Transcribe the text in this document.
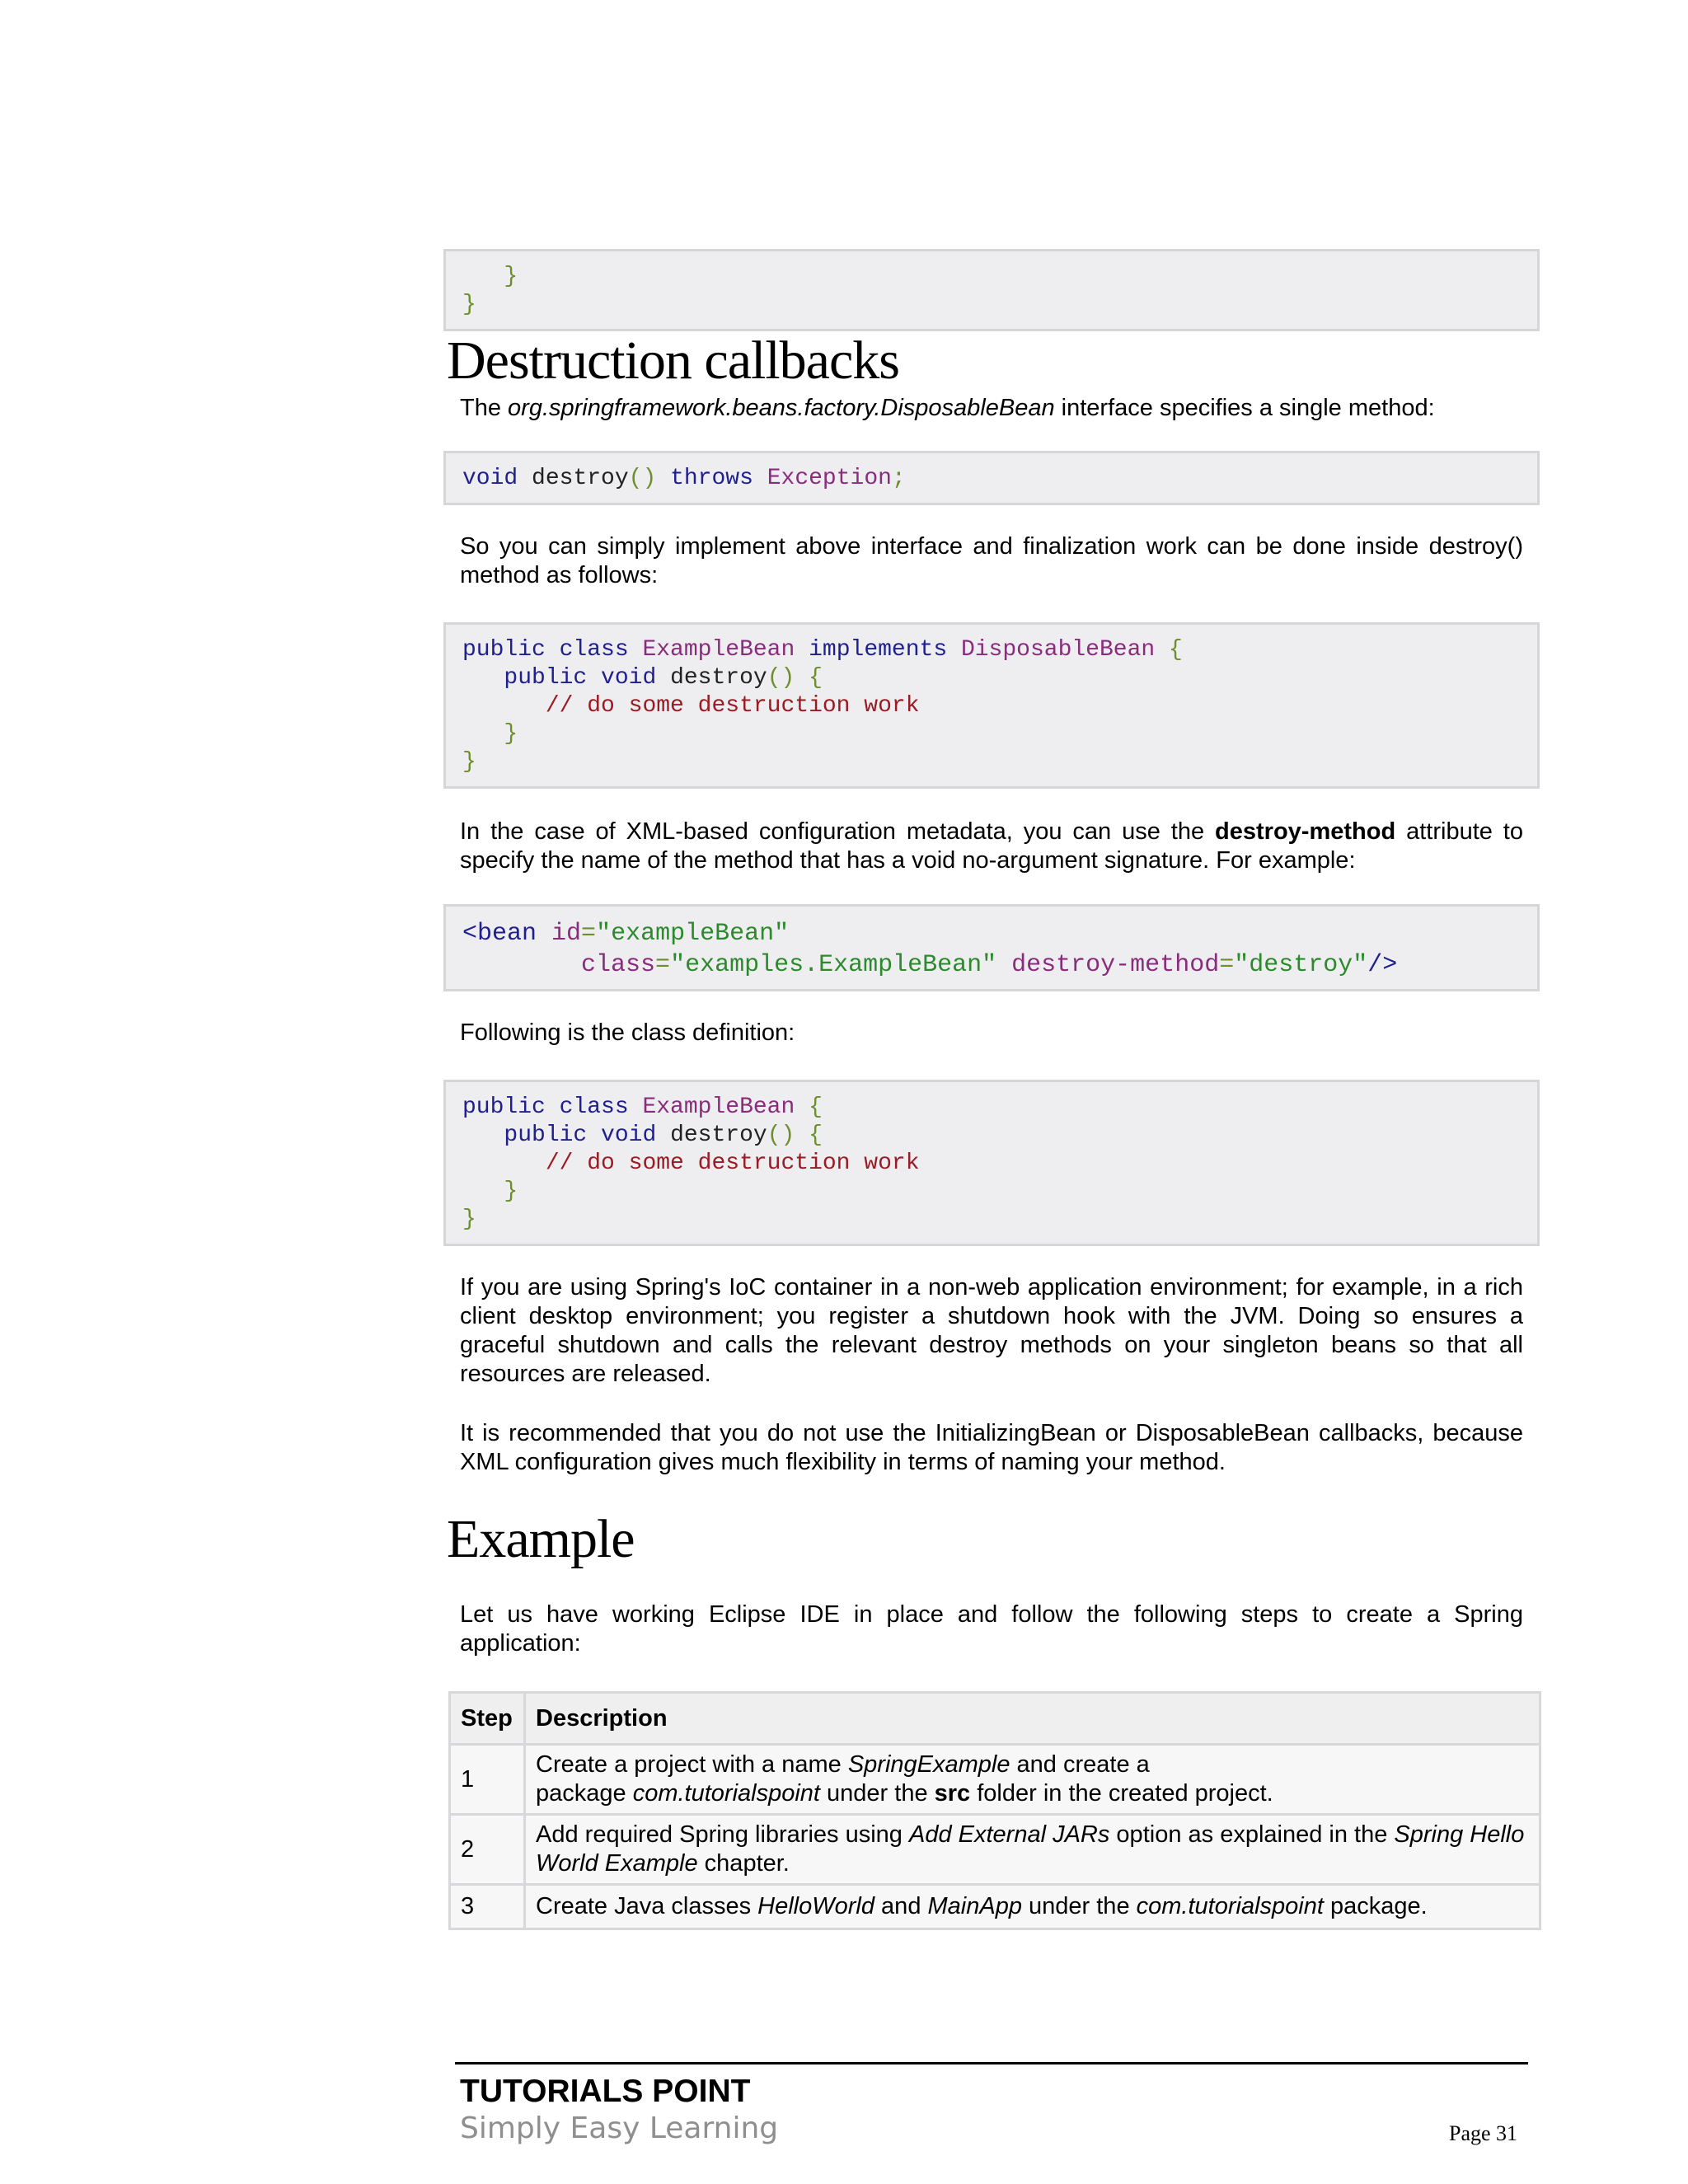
}
}
Destruction callbacks

The org.springframework.beans.factory.DisposableBean interface specifies a single method:

void destroy() throws Exception;

So you can simply implement above interface and finalization work can be done inside destroy() method as follows:

public class ExampleBean implements DisposableBean {
public void destroy() {
// do some destruction work
}
}

In the case of XML-based configuration metadata, you can use the destroy-method attribute to specify the name of the method that has a void no-argument signature. For example:

<bean id="exampleBean"
class="examples.ExampleBean" destroy-method="destroy"/>

Following is the class definition:

public class ExampleBean {
public void destroy() {
// do some destruction work
}
}

If you are using Spring's IoC container in a non-web application environment; for example, in a rich client desktop environment; you register a shutdown hook with the JVM. Doing so ensures a graceful shutdown and calls the relevant destroy methods on your singleton beans so that all resources are released.

It is recommended that you do not use the InitializingBean or DisposableBean callbacks, because XML configuration gives much flexibility in terms of naming your method.

Example

Let us have working Eclipse IDE in place and follow the following steps to create a Spring application:

Step	Description
1	Create a project with a name SpringExample and create a
package com.tutorialspoint under the src folder in the created project.
2	Add required Spring libraries using Add External JARs option as explained in the Spring Hello World Example chapter.
3	Create Java classes HelloWorld and MainApp under the com.tutorialspoint package.
TUTORIALS POINT
Simply Easy Learning	Page 31
